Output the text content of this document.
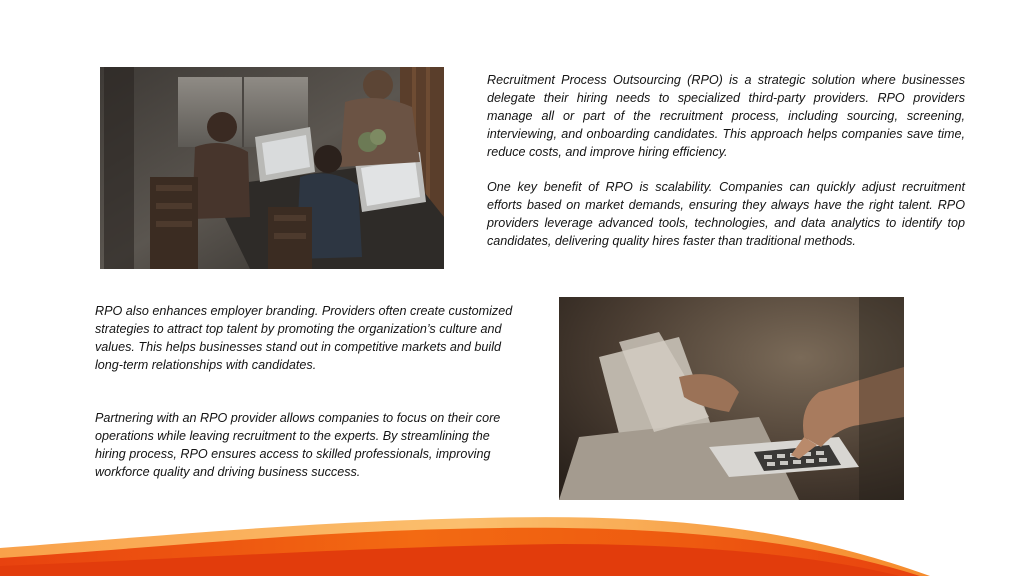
Recruitment Process Outsourcing (RPO) is a strategic solution where businesses delegate their hiring needs to specialized third-party providers. RPO providers manage all or part of the recruitment process, including sourcing, screening, interviewing, and onboarding candidates. This approach helps companies save time, reduce costs, and improve hiring efficiency.

One key benefit of RPO is scalability. Companies can quickly adjust recruitment efforts based on market demands, ensuring they always have the right talent. RPO providers leverage advanced tools, technologies, and data analytics to identify top candidates, delivering quality hires faster than traditional methods.

RPO also enhances employer branding. Providers often create customized strategies to attract top talent by promoting the organization’s culture and values. This helps businesses stand out in competitive markets and build long-term relationships with candidates.

Partnering with an RPO provider allows companies to focus on their core operations while leaving recruitment to the experts. By streamlining the hiring process, RPO ensures access to skilled professionals, improving workforce quality and driving business success.
